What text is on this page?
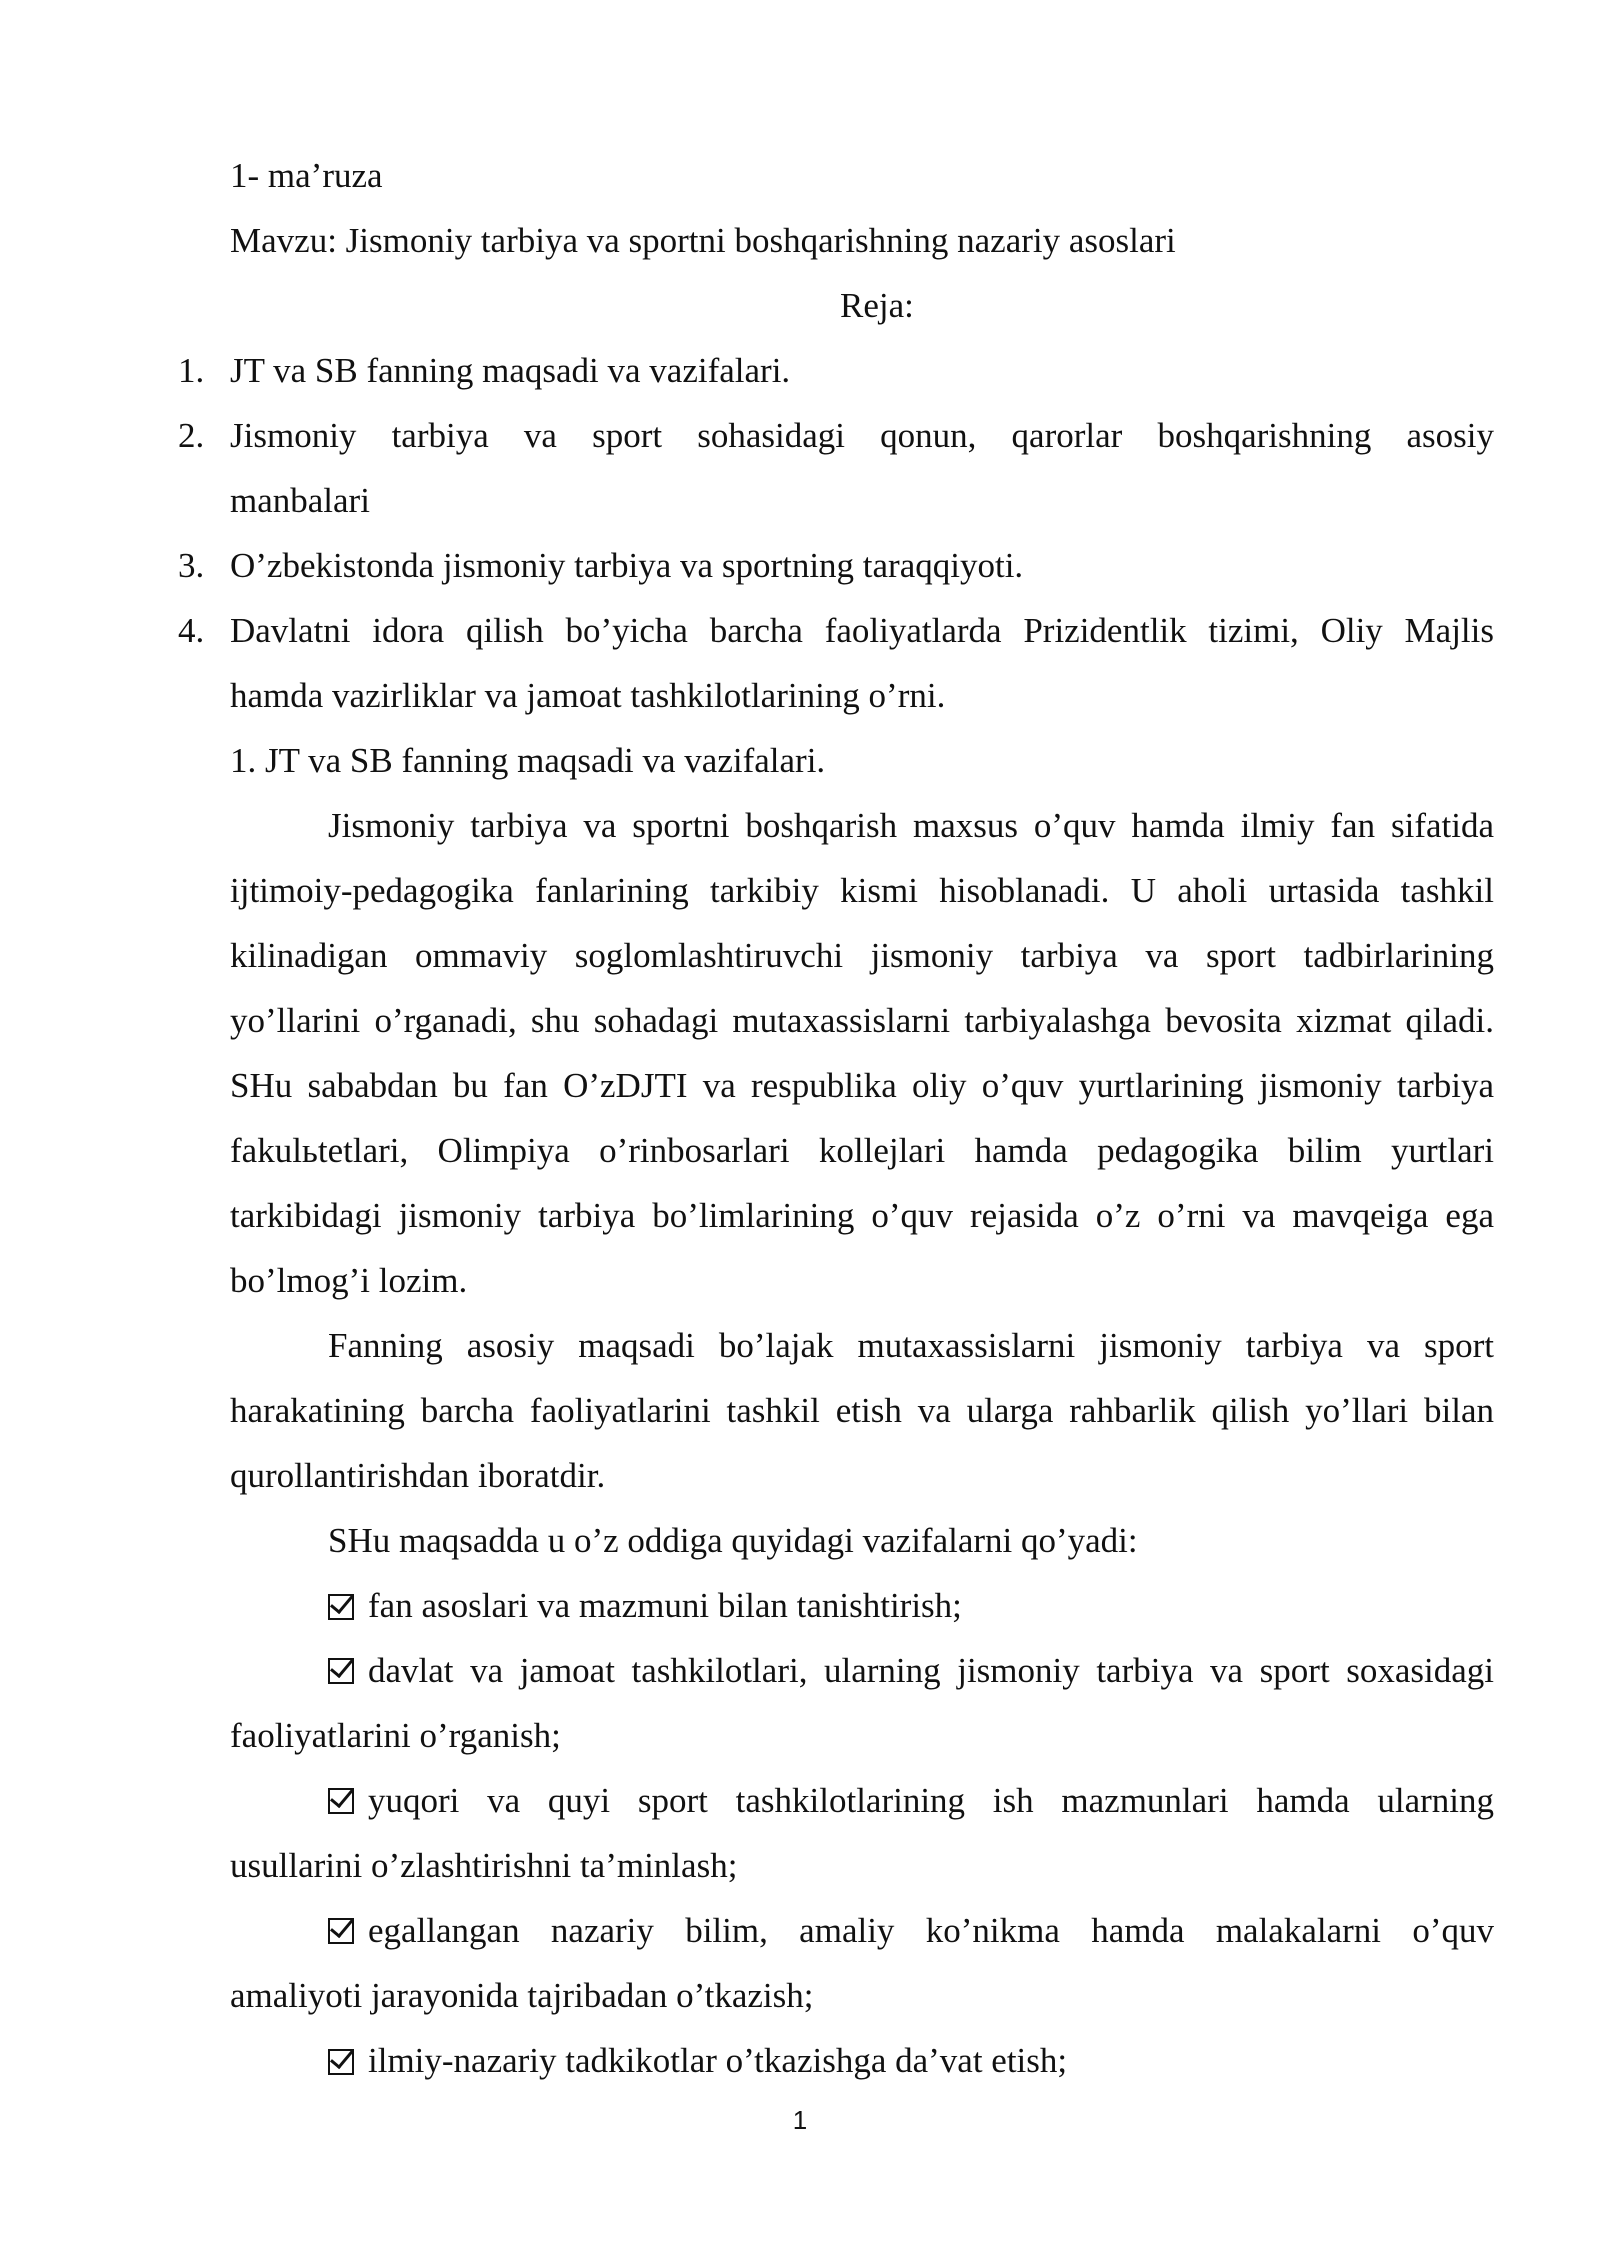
1- ma’ruza
Mavzu: Jismoniy tarbiya va sportni boshqarishning nazariy asoslari
Reja:
1. JT va SB fanning maqsadi va vazifalari.
2. Jismoniy tarbiya va sport sohasidagi qonun, qarorlar boshqarishning asosiy
manbalari
3. O’zbekistonda jismoniy tarbiya va sportning taraqqiyoti.
4. Davlatni idora qilish bo’yicha barcha faoliyatlarda Prizidentlik tizimi, Oliy Majlis
hamda vazirliklar va jamoat tashkilotlarining o’rni.
1. JT va SB fanning maqsadi va vazifalari.
Jismoniy tarbiya va sportni boshqarish maxsus o’quv hamda ilmiy fan sifatida
ijtimoiy-pedagogika fanlarining tarkibiy kismi hisoblanadi. U aholi urtasida tashkil
kilinadigan ommaviy soglomlashtiruvchi jismoniy tarbiya va sport tadbirlarining
yo’llarini o’rganadi, shu sohadagi mutaxassislarni tarbiyalashga bevosita xizmat qiladi.
SHu sababdan bu fan O’zDJTI va respublika oliy o’quv yurtlarining jismoniy tarbiya
fakulьtetlari, Olimpiya o’rinbosarlari kollejlari hamda pedagogika bilim yurtlari
tarkibidagi jismoniy tarbiya bo’limlarining o’quv rejasida o’z o’rni va mavqeiga ega
bo’lmog’i lozim.
Fanning asosiy maqsadi bo’lajak mutaxassislarni jismoniy tarbiya va sport
harakatining barcha faoliyatlarini tashkil etish va ularga rahbarlik qilish yo’llari bilan
qurollantirishdan iboratdir.
SHu maqsadda u o’z oddiga quyidagi vazifalarni qo’yadi:
fan asoslari va mazmuni bilan tanishtirish;
davlat va jamoat tashkilotlari, ularning jismoniy tarbiya va sport soxasidagi
faoliyatlarini o’rganish;
yuqori va quyi sport tashkilotlarining ish mazmunlari hamda ularning
usullarini o’zlashtirishni ta’minlash;
egallangan nazariy bilim, amaliy ko’nikma hamda malakalarni o’quv
amaliyoti jarayonida tajribadan o’tkazish;
ilmiy-nazariy tadkikotlar o’tkazishga da’vat etish;
1
